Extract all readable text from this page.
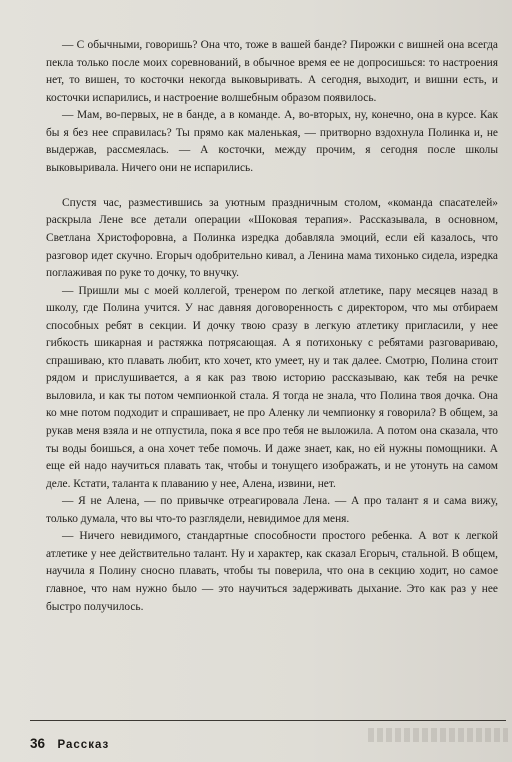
— С обычными, говоришь? Она что, тоже в вашей банде? Пирожки с вишней она всегда пекла только после моих соревнований, в обычное время ее не допросишься: то настроения нет, то вишен, то косточки некогда выковыривать. А сегодня, выходит, и вишни есть, и косточки испарились, и настроение волшебным образом появилось.

— Мам, во-первых, не в банде, а в команде. А, во-вторых, ну, конечно, она в курсе. Как бы я без нее справилась? Ты прямо как маленькая, — притворно вздохнула Полинка и, не выдержав, рассмеялась. — А косточки, между прочим, я сегодня после школы выковыривала. Ничего они не испарились.

Спустя час, разместившись за уютным праздничным столом, «команда спасателей» раскрыла Лене все детали операции «Шоковая терапия». Рассказывала, в основном, Светлана Христофоровна, а Полинка изредка добавляла эмоций, если ей казалось, что разговор идет скучно. Егорыч одобрительно кивал, а Ленина мама тихонько сидела, изредка поглаживая по руке то дочку, то внучку.

— Пришли мы с моей коллегой, тренером по легкой атлетике, пару месяцев назад в школу, где Полина учится. У нас давняя договоренность с директором, что мы отбираем способных ребят в секции. И дочку твою сразу в легкую атлетику пригласили, у нее гибкость шикарная и растяжка потрясающая. А я потихоньку с ребятами разговариваю, спрашиваю, кто плавать любит, кто хочет, кто умеет, ну и так далее. Смотрю, Полина стоит рядом и прислушивается, а я как раз твою историю рассказываю, как тебя на речке выловила, и как ты потом чемпионкой стала. Я тогда не знала, что Полина твоя дочка. Она ко мне потом подходит и спрашивает, не про Аленку ли чемпионку я говорила? В общем, за рукав меня взяла и не отпустила, пока я все про тебя не выложила. А потом она сказала, что ты воды боишься, а она хочет тебе помочь. И даже знает, как, но ей нужны помощники. А еще ей надо научиться плавать так, чтобы и тонущего изображать, и не утонуть на самом деле. Кстати, таланта к плаванию у нее, Алена, извини, нет.

— Я не Алена, — по привычке отреагировала Лена. — А про талант я и сама вижу, только думала, что вы что-то разглядели, невидимое для меня.

— Ничего невидимого, стандартные способности простого ребенка. А вот к легкой атлетике у нее действительно талант. Ну и характер, как сказал Егорыч, стальной. В общем, научила я Полину сносно плавать, чтобы ты поверила, что она в секцию ходит, но самое главное, что нам нужно было — это научиться задерживать дыхание. Это как раз у нее быстро получилось.

36 Рассказ
